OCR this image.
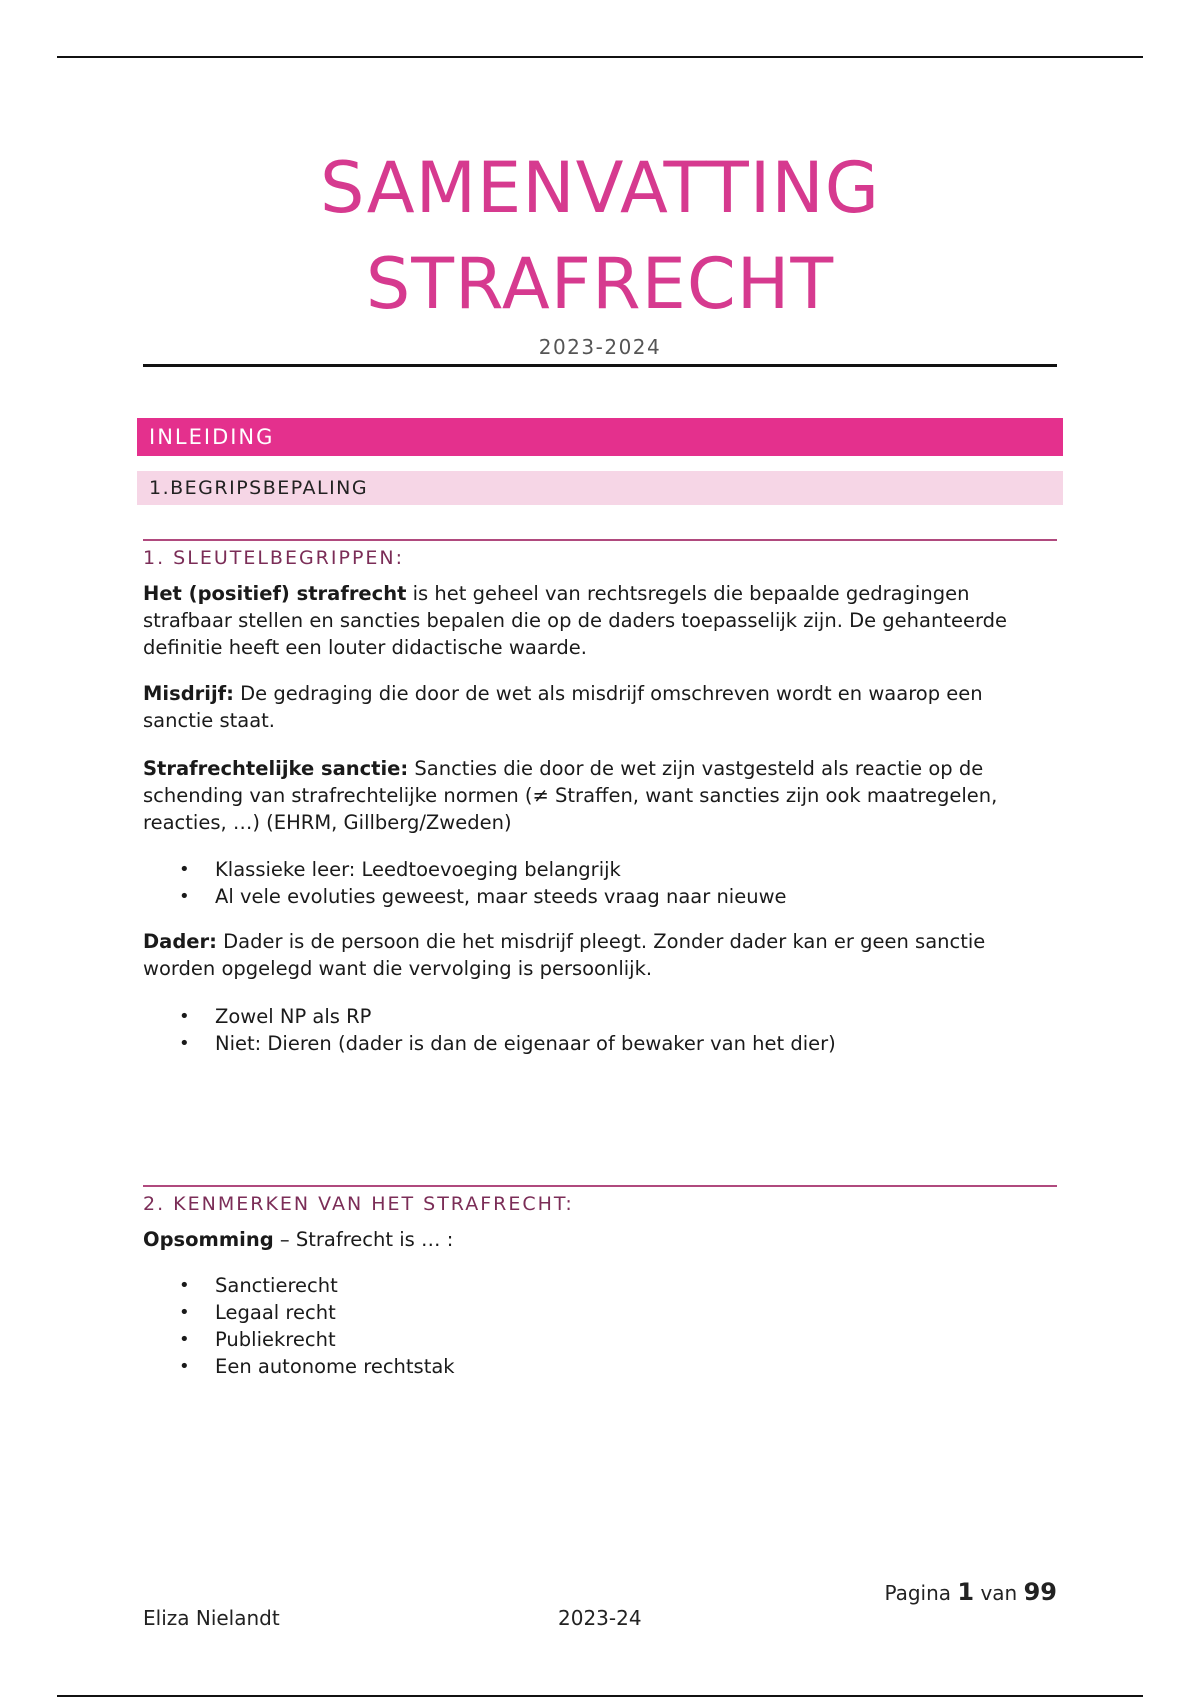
SAMENVATTING
STRAFRECHT
2023-2024
INLEIDING
1.BEGRIPSBEPALING
1. SLEUTELBEGRIPPEN:

Het (positief) strafrecht is het geheel van rechtsregels die bepaalde gedragingen strafbaar stellen en sancties bepalen die op de daders toepasselijk zijn. De gehanteerde definitie heeft een louter didactische waarde.

Misdrijf: De gedraging die door de wet als misdrijf omschreven wordt en waarop een sanctie staat.

Strafrechtelijke sanctie: Sancties die door de wet zijn vastgesteld als reactie op de schending van strafrechtelijke normen (≠ Straffen, want sancties zijn ook maatregelen, reacties, …) (EHRM, Gillberg/Zweden)

• Klassieke leer: Leedtoevoeging belangrijk
• Al vele evoluties geweest, maar steeds vraag naar nieuwe

Dader: Dader is de persoon die het misdrijf pleegt. Zonder dader kan er geen sanctie worden opgelegd want die vervolging is persoonlijk.

• Zowel NP als RP
• Niet: Dieren (dader is dan de eigenaar of bewaker van het dier)
2. KENMERKEN VAN HET STRAFRECHT:

Opsomming – Strafrecht is … :

• Sanctierecht
• Legaal recht
• Publiekrecht
• Een autonome rechtstak
Pagina 1 van 99
Eliza Nielandt	2023-24
